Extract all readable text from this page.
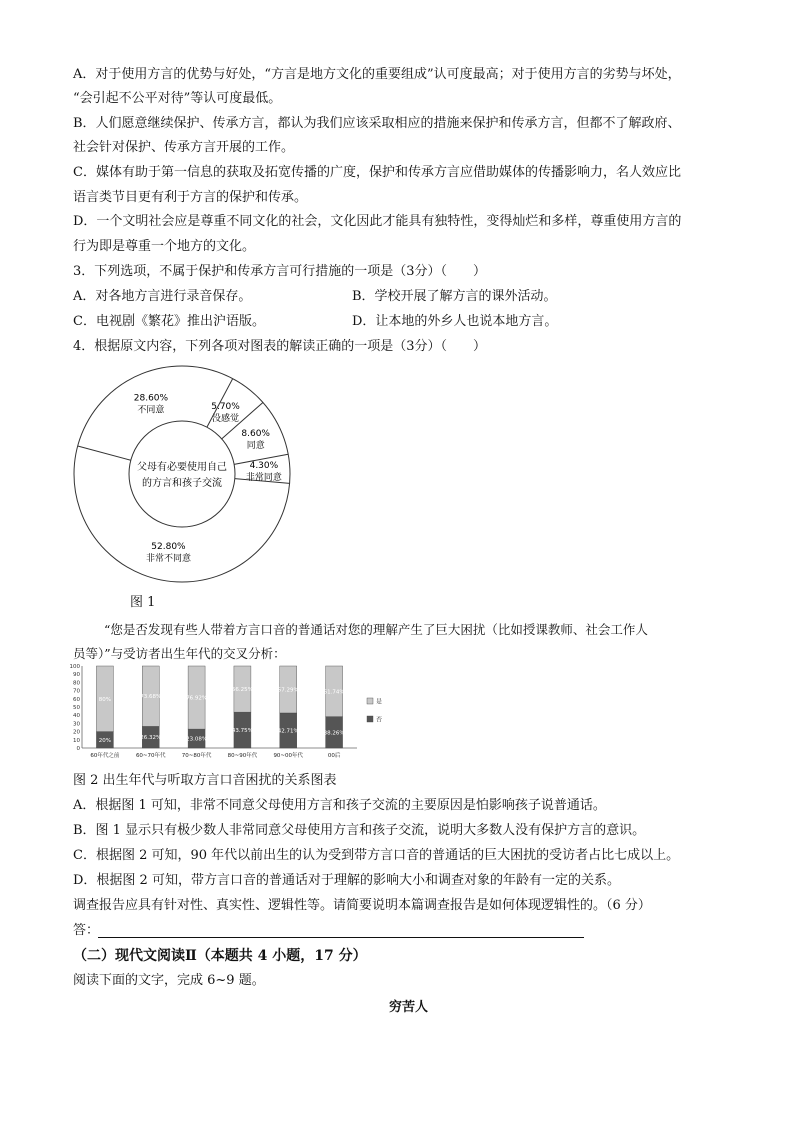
A．对于使用方言的优势与好处，“方言是地方文化的重要组成”认可度最高；对于使用方言的劣势与坏处，
“会引起不公平对待”等认可度最低。
B．人们愿意继续保护、传承方言，都认为我们应该采取相应的措施来保护和传承方言，但都不了解政府、
社会针对保护、传承方言开展的工作。
C．媒体有助于第一信息的获取及拓宽传播的广度，保护和传承方言应借助媒体的传播影响力，名人效应比
语言类节目更有利于方言的保护和传承。
D．一个文明社会应是尊重不同文化的社会，文化因此才能具有独特性，变得灿烂和多样，尊重使用方言的
行为即是尊重一个地方的文化。
3．下列选项，不属于保护和传承方言可行措施的一项是（3分）（　　）
A．对各地方言进行录音保存。	B．学校开展了解方言的课外活动。
C．电视剧《繁花》推出沪语版。	D．让本地的外乡人也说本地方言。
4．根据原文内容，下列各项对图表的解读正确的一项是（3分）（　　）
父母有必要使用自己
的方言和孩子交流
5.70%
没感觉
8.60%
同意
4.30%
非常同意
52.80%
非常不同意
28.60%
不同意
图 1
“您是否发现有些人带着方言口音的普通话对您的理解产生了巨大困扰（比如授课教师、社会工作人
员等）”与受访者出生年代的交叉分析：
100
90
80
70
60
50
40
30
20
10
0
80%
20%
60年代之前
73.68%
26.32%
60~70年代
76.92%
23.08%
70~80年代
56.25%
43.75%
80~90年代
57.29%
42.71%
90~00年代
61.74%
38.26%
00后
是
否
图 2 出生年代与听取方言口音困扰的关系图表
A．根据图 1 可知，非常不同意父母使用方言和孩子交流的主要原因是怕影响孩子说普通话。
B．图 1 显示只有极少数人非常同意父母使用方言和孩子交流，说明大多数人没有保护方言的意识。
C．根据图 2 可知，90 年代以前出生的认为受到带方言口音的普通话的巨大困扰的受访者占比七成以上。
D．根据图 2 可知，带方言口音的普通话对于理解的影响大小和调查对象的年龄有一定的关系。
调查报告应具有针对性、真实性、逻辑性等。请简要说明本篇调查报告是如何体现逻辑性的。（6 分）
答：
（二）现代文阅读Ⅱ（本题共 4 小题，17 分）
阅读下面的文字，完成 6~9 题。
穷苦人
